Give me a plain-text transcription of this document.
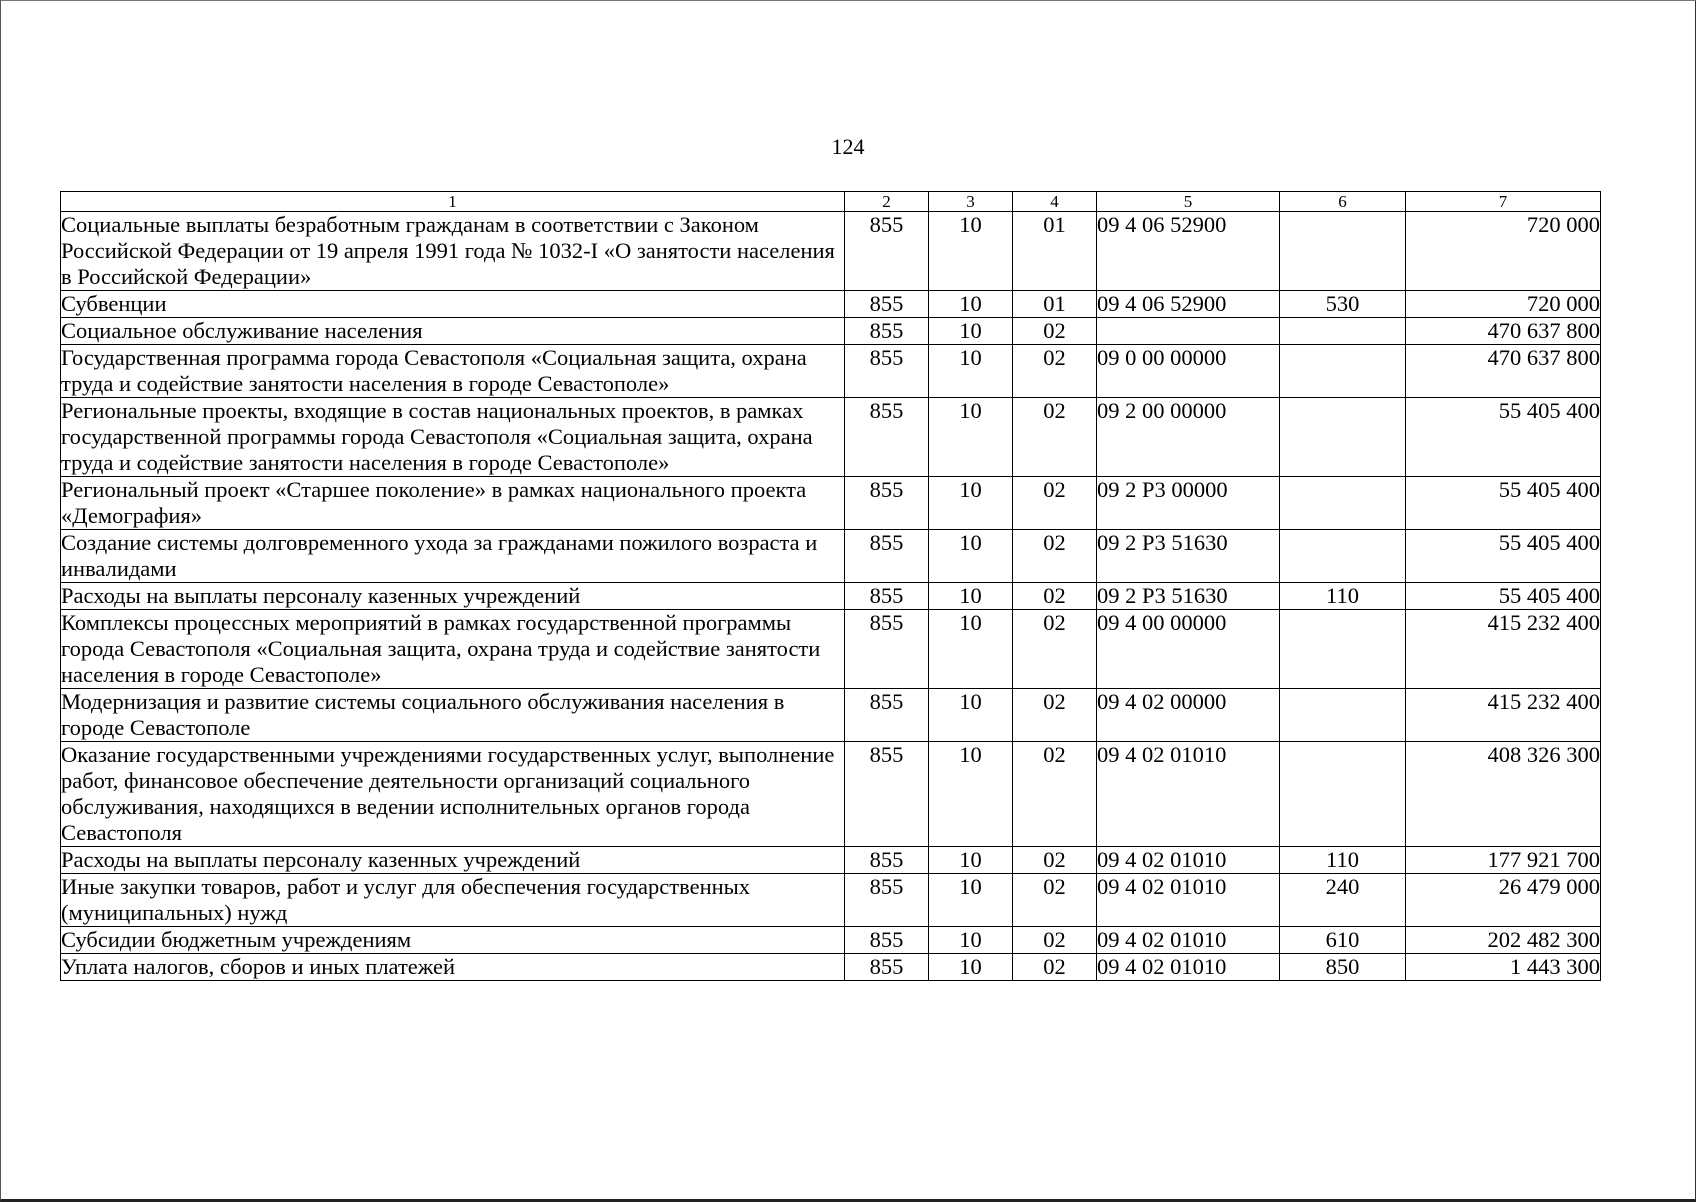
124
1	2	3	4	5	6	7
Социальные выплаты безработным гражданам в соответствии с Законом Российской Федерации от 19 апреля 1991 года № 1032-I «О занятости населения в Российской Федерации»	855	10	01	09 4 06 52900		720 000
Субвенции	855	10	01	09 4 06 52900	530	720 000
Социальное обслуживание населения	855	10	02			470 637 800
Государственная программа города Севастополя «Социальная защита, охрана труда и содействие занятости населения в городе Севастополе»	855	10	02	09 0 00 00000		470 637 800
Региональные проекты, входящие в состав национальных проектов, в рамках государственной программы города Севастополя «Социальная защита, охрана труда и содействие занятости населения в городе Севастополе»	855	10	02	09 2 00 00000		55 405 400
Региональный проект «Старшее поколение» в рамках национального проекта «Демография»	855	10	02	09 2 Р3 00000		55 405 400
Создание системы долговременного ухода за гражданами пожилого возраста и инвалидами	855	10	02	09 2 Р3 51630		55 405 400
Расходы на выплаты персоналу казенных учреждений	855	10	02	09 2 Р3 51630	110	55 405 400
Комплексы процессных мероприятий в рамках государственной программы города Севастополя «Социальная защита, охрана труда и содействие занятости населения в городе Севастополе»	855	10	02	09 4 00 00000		415 232 400
Модернизация и развитие системы социального обслуживания населения в городе Севастополе	855	10	02	09 4 02 00000		415 232 400
Оказание государственными учреждениями государственных услуг, выполнение работ, финансовое обеспечение деятельности организаций социального обслуживания, находящихся в ведении исполнительных органов города Севастополя	855	10	02	09 4 02 01010		408 326 300
Расходы на выплаты персоналу казенных учреждений	855	10	02	09 4 02 01010	110	177 921 700
Иные закупки товаров, работ и услуг для обеспечения государственных (муниципальных) нужд	855	10	02	09 4 02 01010	240	26 479 000
Субсидии бюджетным учреждениям	855	10	02	09 4 02 01010	610	202 482 300
Уплата налогов, сборов и иных платежей	855	10	02	09 4 02 01010	850	1 443 300
